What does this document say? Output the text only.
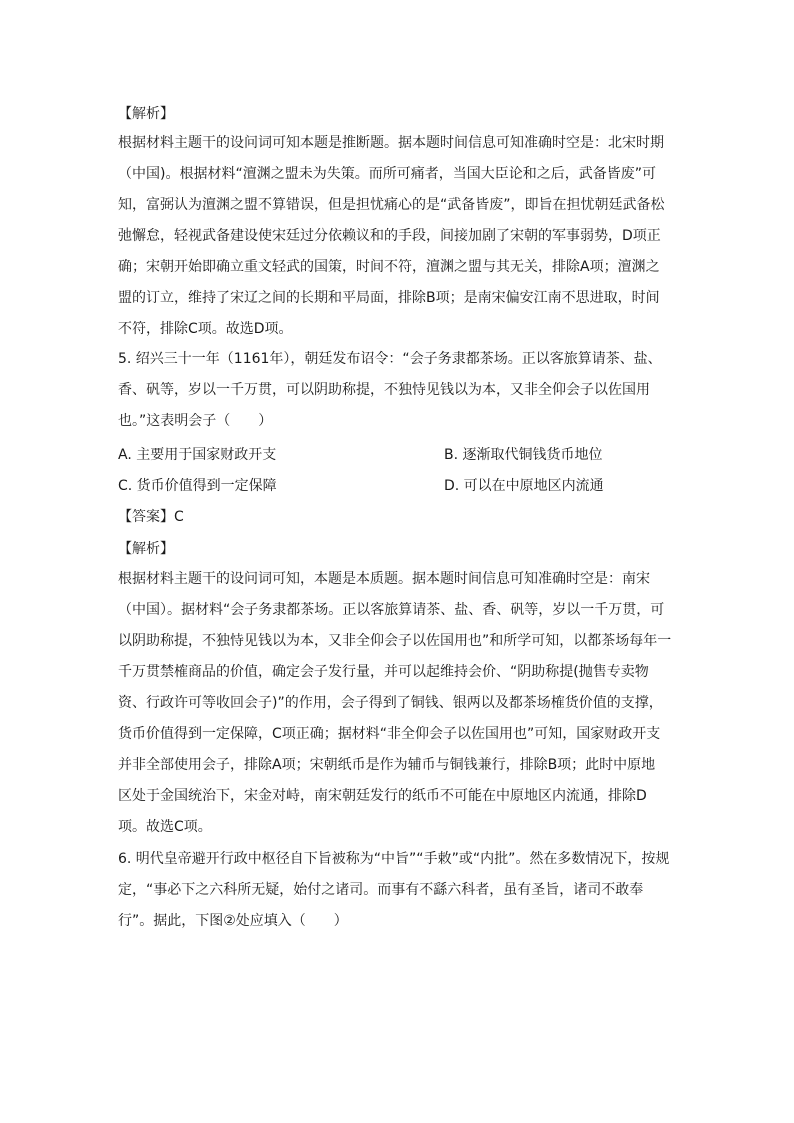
【解析】
根据材料主题干的设问词可知本题是推断题。据本题时间信息可知准确时空是：北宋时期
（中国)。根据材料“澶渊之盟未为失策。而所可痛者，当国大臣论和之后，武备皆废”可
知，富弼认为澶渊之盟不算错误，但是担忧痛心的是“武备皆废”，即旨在担忧朝廷武备松
弛懈怠，轻视武备建设使宋廷过分依赖议和的手段，间接加剧了宋朝的军事弱势，D项正
确；宋朝开始即确立重文轻武的国策，时间不符，澶渊之盟与其无关，排除A项；澶渊之
盟的订立，维持了宋辽之间的长期和平局面，排除B项；是南宋偏安江南不思进取，时间
不符，排除C项。故选D项。
5. 绍兴三十一年（1161年），朝廷发布诏令：“会子务隶都茶场。正以客旅算请茶、盐、
香、矾等，岁以一千万贯，可以阴助称提，不独恃见钱以为本，又非全仰会子以佐国用
也。”这表明会子（　　）
A. 主要用于国家财政开支	B. 逐渐取代铜钱货币地位
C. 货币价值得到一定保障	D. 可以在中原地区内流通
【答案】C
【解析】
根据材料主题干的设问词可知，本题是本质题。据本题时间信息可知准确时空是：南宋
（中国）。据材料“会子务隶都茶场。正以客旅算请茶、盐、香、矾等，岁以一千万贯，可
以阴助称提，不独恃见钱以为本，又非全仰会子以佐国用也”和所学可知，以都茶场每年一
千万贯禁榷商品的价值，确定会子发行量，并可以起维持会价、“阴助称提(抛售专卖物
资、行政许可等收回会子)”的作用，会子得到了铜钱、银两以及都茶场榷货价值的支撑，
货币价值得到一定保障，C项正确；据材料“非全仰会子以佐国用也”可知，国家财政开支
并非全部使用会子，排除A项；宋朝纸币是作为辅币与铜钱兼行，排除B项；此时中原地
区处于金国统治下，宋金对峙，南宋朝廷发行的纸币不可能在中原地区内流通，排除D
项。故选C项。
6. 明代皇帝避开行政中枢径自下旨被称为“中旨”“手敕”或“内批”。然在多数情况下，按规
定，“事必下之六科所无疑，始付之诸司。而事有不繇六科者，虽有圣旨，诸司不敢奉
行”。据此，下图②处应填入（　　）
